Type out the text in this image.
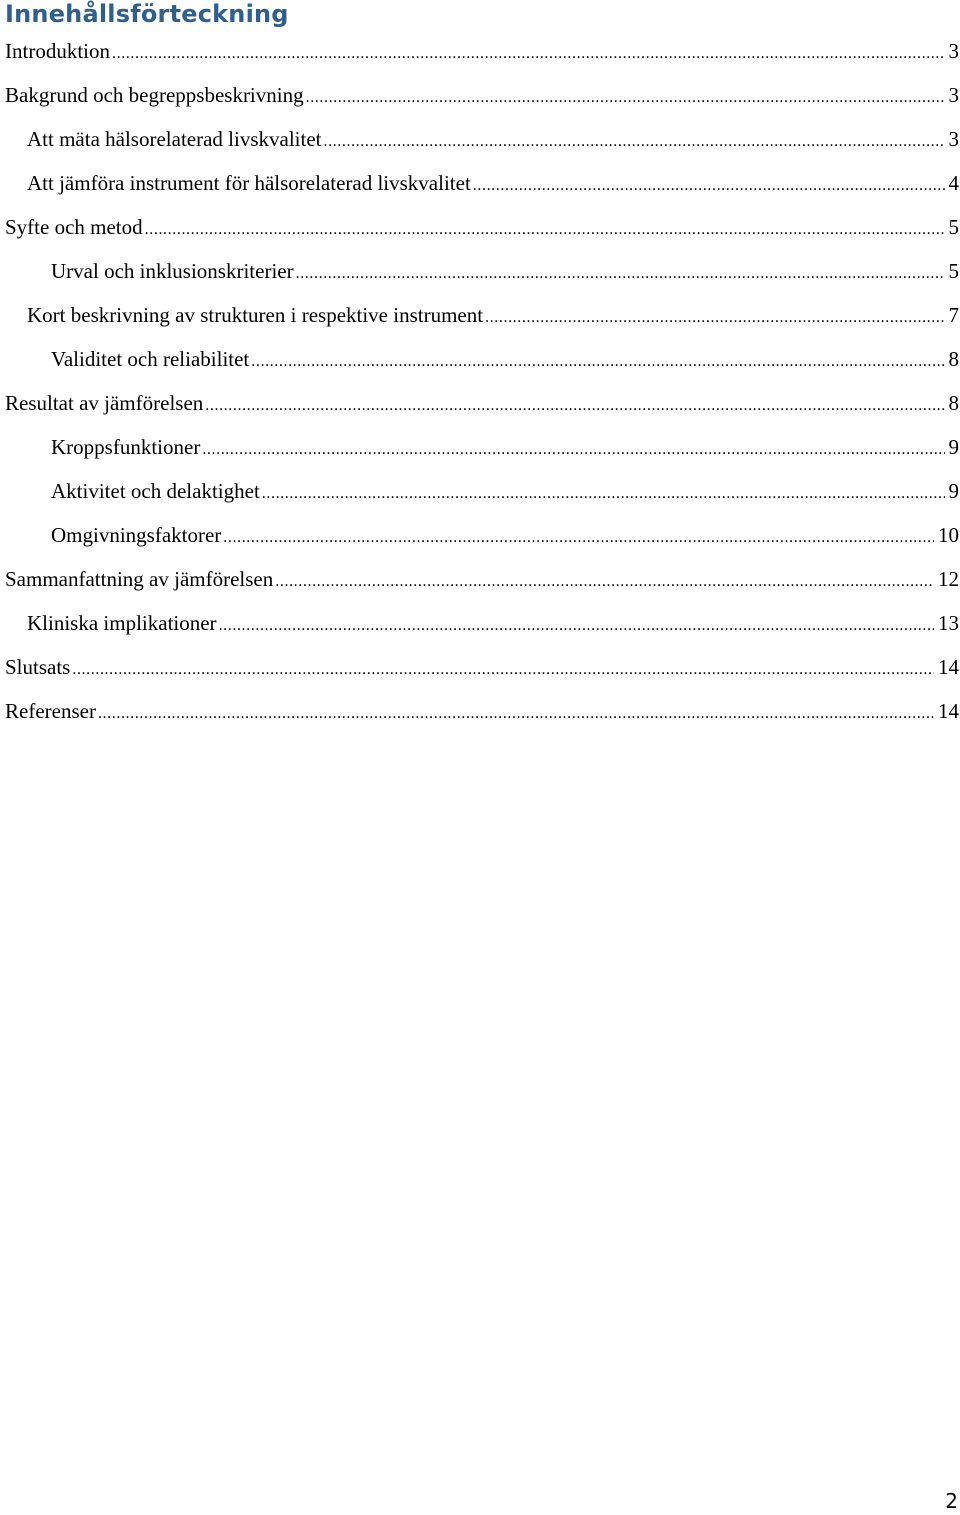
Innehållsförteckning
Introduktion .....	3
Bakgrund och begreppsbeskrivning .....	3
Att mäta hälsorelaterad livskvalitet .....	3
Att jämföra instrument för hälsorelaterad livskvalitet .....	4
Syfte och metod .....	5
Urval och inklusionskriterier .....	5
Kort beskrivning av strukturen i respektive instrument .....	7
Validitet och reliabilitet .....	8
Resultat av jämförelsen .....	8
Kroppsfunktioner .....	9
Aktivitet och delaktighet .....	9
Omgivningsfaktorer .....	10
Sammanfattning av jämförelsen .....	12
Kliniska implikationer .....	13
Slutsats .....	14
Referenser .....	14
2
